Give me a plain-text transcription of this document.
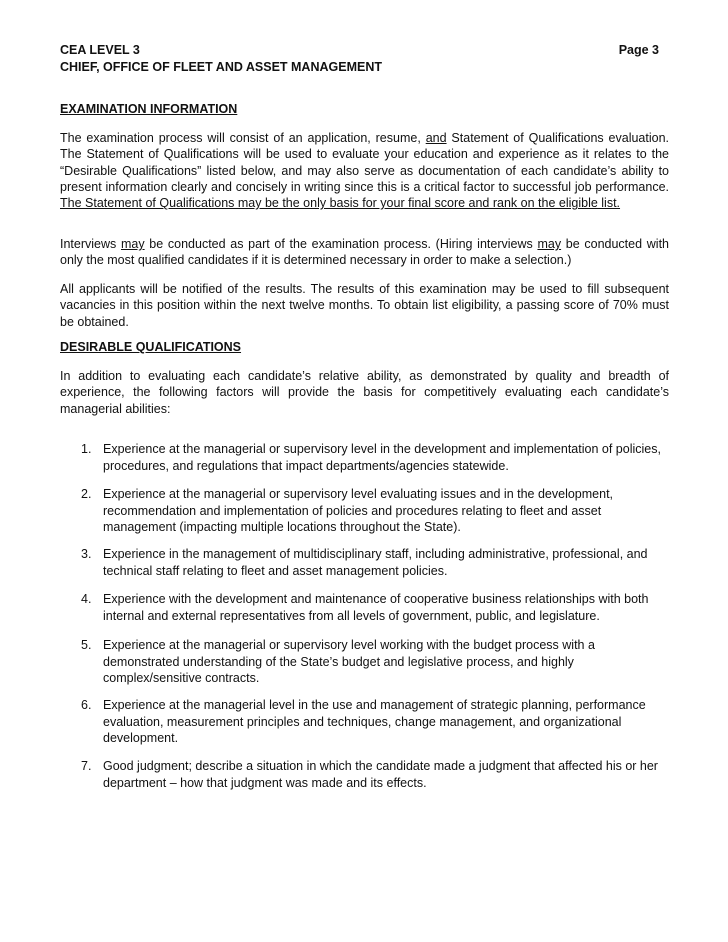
CEA LEVEL 3	Page 3
CHIEF, OFFICE OF FLEET AND ASSET MANAGEMENT
EXAMINATION INFORMATION

The examination process will consist of an application, resume, and Statement of Qualifications evaluation. The Statement of Qualifications will be used to evaluate your education and experience as it relates to the “Desirable Qualifications” listed below, and may also serve as documentation of each candidate’s ability to present information clearly and concisely in writing since this is a critical factor to successful job performance. The Statement of Qualifications may be the only basis for your final score and rank on the eligible list.

Interviews may be conducted as part of the examination process. (Hiring interviews may be conducted with only the most qualified candidates if it is determined necessary in order to make a selection.)

All applicants will be notified of the results. The results of this examination may be used to fill subsequent vacancies in this position within the next twelve months. To obtain list eligibility, a passing score of 70% must be obtained.

DESIRABLE QUALIFICATIONS

In addition to evaluating each candidate’s relative ability, as demonstrated by quality and breadth of experience, the following factors will provide the basis for competitively evaluating each candidate’s managerial abilities:

1. Experience at the managerial or supervisory level in the development and implementation of policies, procedures, and regulations that impact departments/agencies statewide.
2. Experience at the managerial or supervisory level evaluating issues and in the development, recommendation and implementation of policies and procedures relating to fleet and asset management (impacting multiple locations throughout the State).
3. Experience in the management of multidisciplinary staff, including administrative, professional, and technical staff relating to fleet and asset management policies.
4. Experience with the development and maintenance of cooperative business relationships with both internal and external representatives from all levels of government, public, and legislature.
5. Experience at the managerial or supervisory level working with the budget process with a demonstrated understanding of the State’s budget and legislative process, and highly complex/sensitive contracts.
6. Experience at the managerial level in the use and management of strategic planning, performance evaluation, measurement principles and techniques, change management, and organizational development.
7. Good judgment; describe a situation in which the candidate made a judgment that affected his or her department – how that judgment was made and its effects.
